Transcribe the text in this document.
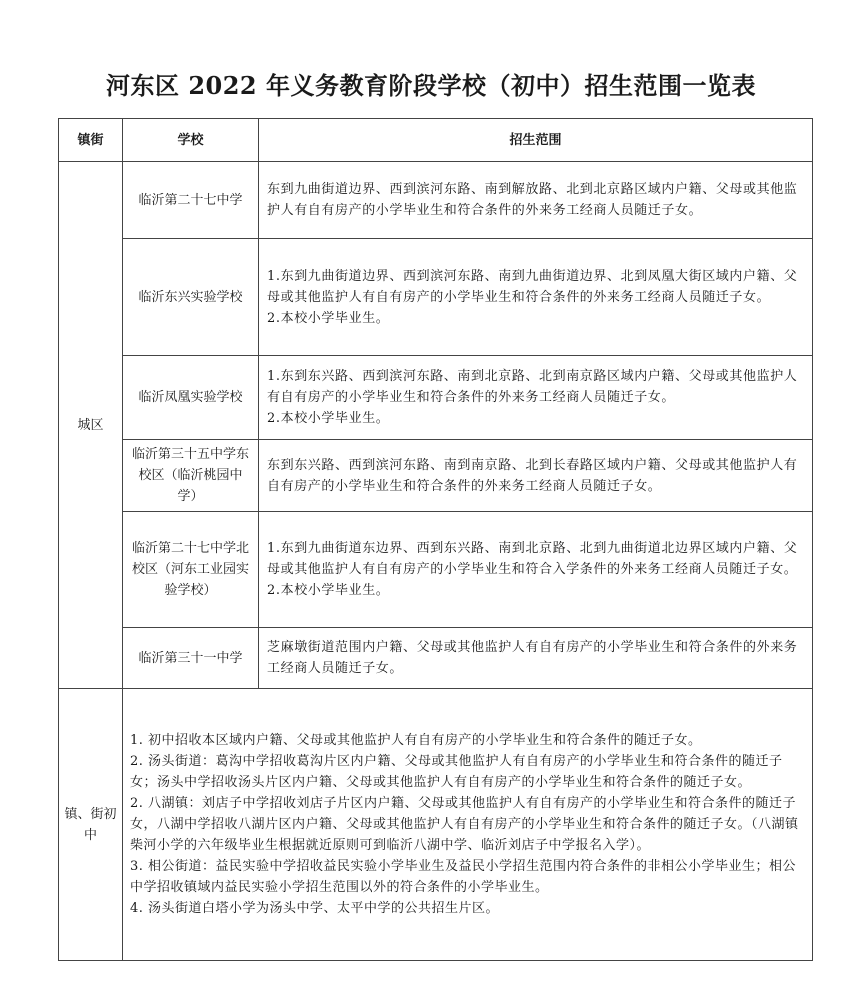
河东区 2022 年义务教育阶段学校（初中）招生范围一览表
镇街	学校	招生范围
城区	临沂第二十七中学	东到九曲街道边界、西到滨河东路、南到解放路、北到北京路区域内户籍、父母或其他监护人有自有房产的小学毕业生和符合条件的外来务工经商人员随迁子女。

	临沂东兴实验学校	1.东到九曲街道边界、西到滨河东路、南到九曲街道边界、北到凤凰大街区域内户籍、父母或其他监护人有自有房产的小学毕业生和符合条件的外来务工经商人员随迁子女。

2.本校小学毕业生。

	临沂凤凰实验学校	1.东到东兴路、西到滨河东路、南到北京路、北到南京路区域内户籍、父母或其他监护人有自有房产的小学毕业生和符合条件的外来务工经商人员随迁子女。

2.本校小学毕业生。

	临沂第三十五中学东校区（临沂桃园中学）	东到东兴路、西到滨河东路、南到南京路、北到长春路区域内户籍、父母或其他监护人有自有房产的小学毕业生和符合条件的外来务工经商人员随迁子女。

	临沂第二十七中学北校区（河东工业园实验学校）	1.东到九曲街道东边界、西到东兴路、南到北京路、北到九曲街道北边界区域内户籍、父母或其他监护人有自有房产的小学毕业生和符合入学条件的外来务工经商人员随迁子女。

2.本校小学毕业生。

	临沂第三十一中学	芝麻墩街道范围内户籍、父母或其他监护人有自有房产的小学毕业生和符合条件的外来务工经商人员随迁子女。

镇、街初中	1. 初中招收本区域内户籍、父母或其他监护人有自有房产的小学毕业生和符合条件的随迁子女。

2. 汤头街道：葛沟中学招收葛沟片区内户籍、父母或其他监护人有自有房产的小学毕业生和符合条件的随迁子女；汤头中学招收汤头片区内户籍、父母或其他监护人有自有房产的小学毕业生和符合条件的随迁子女。

2. 八湖镇：刘店子中学招收刘店子片区内户籍、父母或其他监护人有自有房产的小学毕业生和符合条件的随迁子女，八湖中学招收八湖片区内户籍、父母或其他监护人有自有房产的小学毕业生和符合条件的随迁子女。（八湖镇柴河小学的六年级毕业生根据就近原则可到临沂八湖中学、临沂刘店子中学报名入学）。

3. 相公街道：益民实验中学招收益民实验小学毕业生及益民小学招生范围内符合条件的非相公小学毕业生；相公中学招收镇域内益民实验小学招生范围以外的符合条件的小学毕业生。

4. 汤头街道白塔小学为汤头中学、太平中学的公共招生片区。	
